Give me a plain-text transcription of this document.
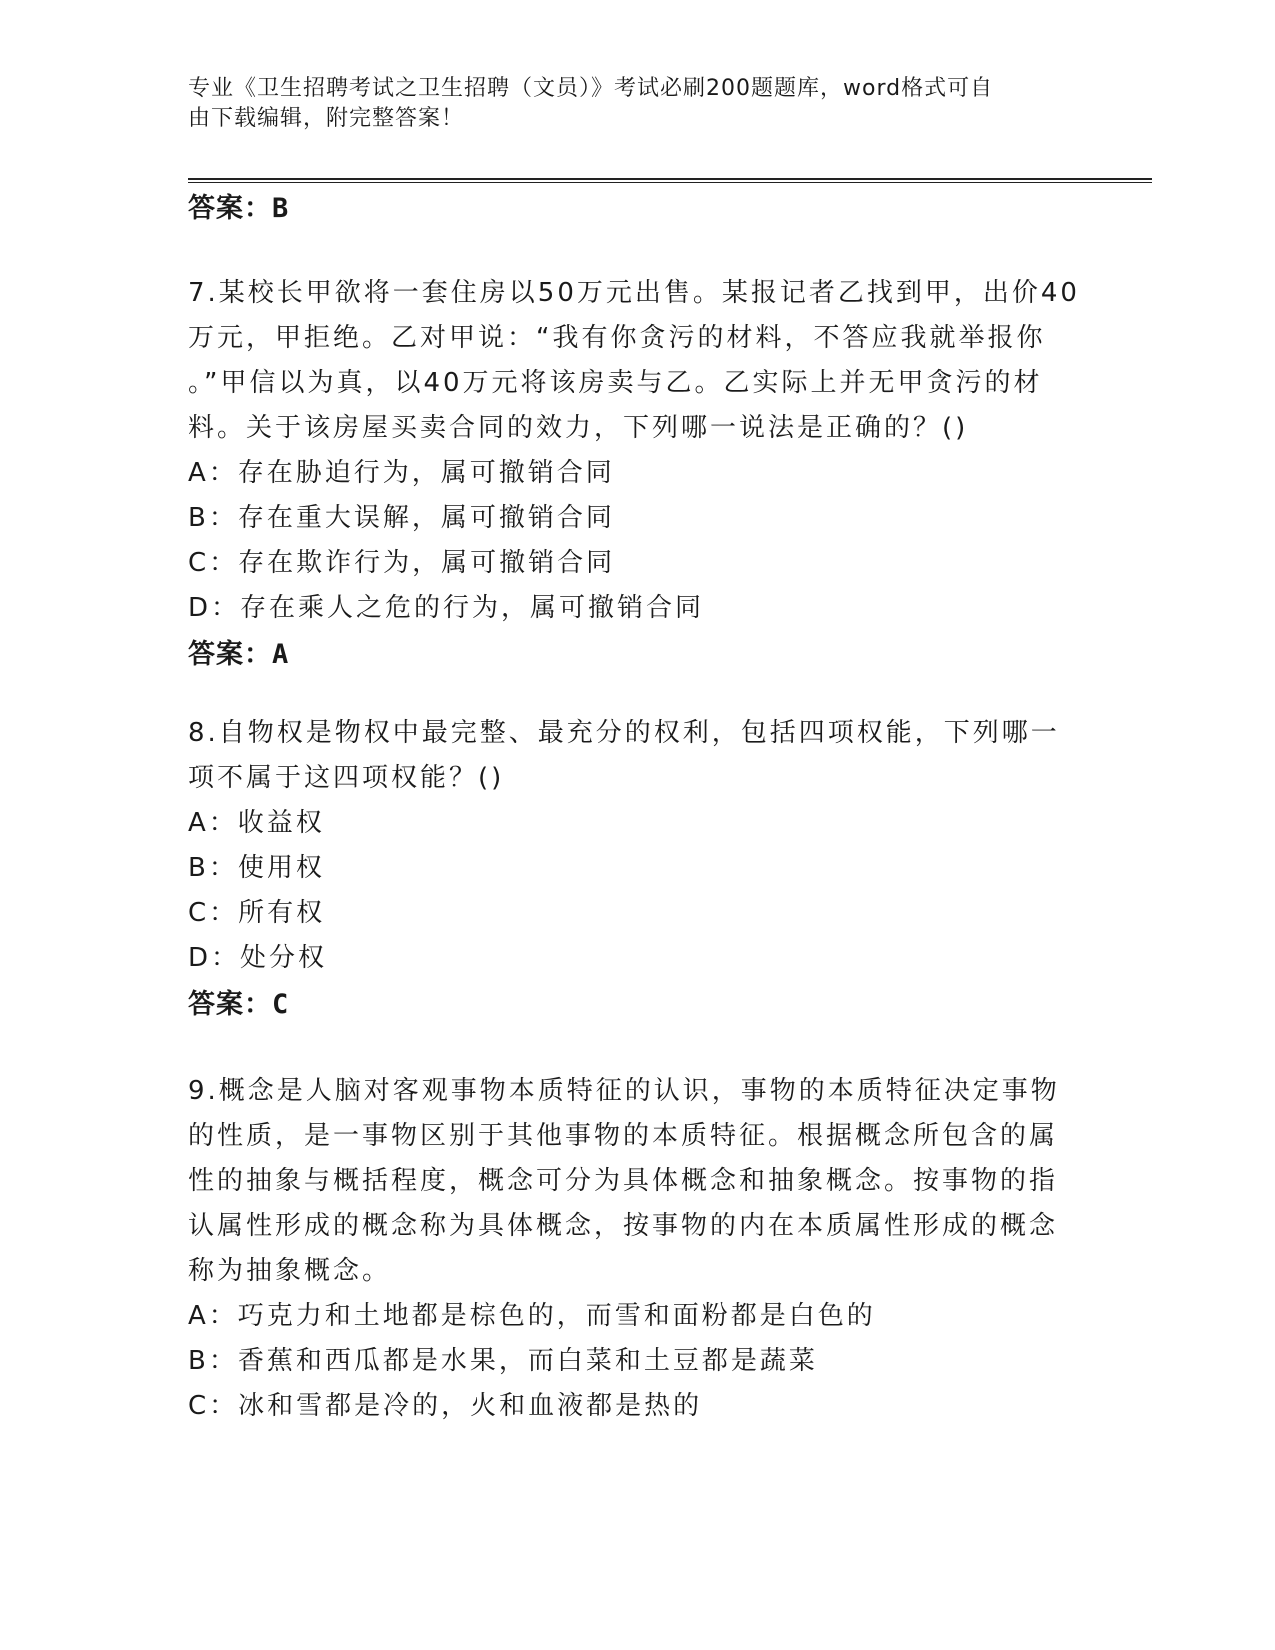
专业《卫生招聘考试之卫生招聘（文员）》考试必刷200题题库，word格式可自
由下载编辑，附完整答案！
答案：B
7.某校长甲欲将一套住房以50万元出售。某报记者乙找到甲，出价40
万元，甲拒绝。乙对甲说：“我有你贪污的材料，不答应我就举报你
。”甲信以为真，以40万元将该房卖与乙。乙实际上并无甲贪污的材
料。关于该房屋买卖合同的效力，下列哪一说法是正确的？()
A：存在胁迫行为，属可撤销合同
B：存在重大误解，属可撤销合同
C：存在欺诈行为，属可撤销合同
D：存在乘人之危的行为，属可撤销合同
答案：A
8.自物权是物权中最完整、最充分的权利，包括四项权能，下列哪一
项不属于这四项权能？()
A：收益权
B：使用权
C：所有权
D：处分权
答案：C
9.概念是人脑对客观事物本质特征的认识，事物的本质特征决定事物
的性质，是一事物区别于其他事物的本质特征。根据概念所包含的属
性的抽象与概括程度，概念可分为具体概念和抽象概念。按事物的指
认属性形成的概念称为具体概念，按事物的内在本质属性形成的概念
称为抽象概念。
A：巧克力和土地都是棕色的，而雪和面粉都是白色的
B：香蕉和西瓜都是水果，而白菜和土豆都是蔬菜
C：冰和雪都是冷的，火和血液都是热的
